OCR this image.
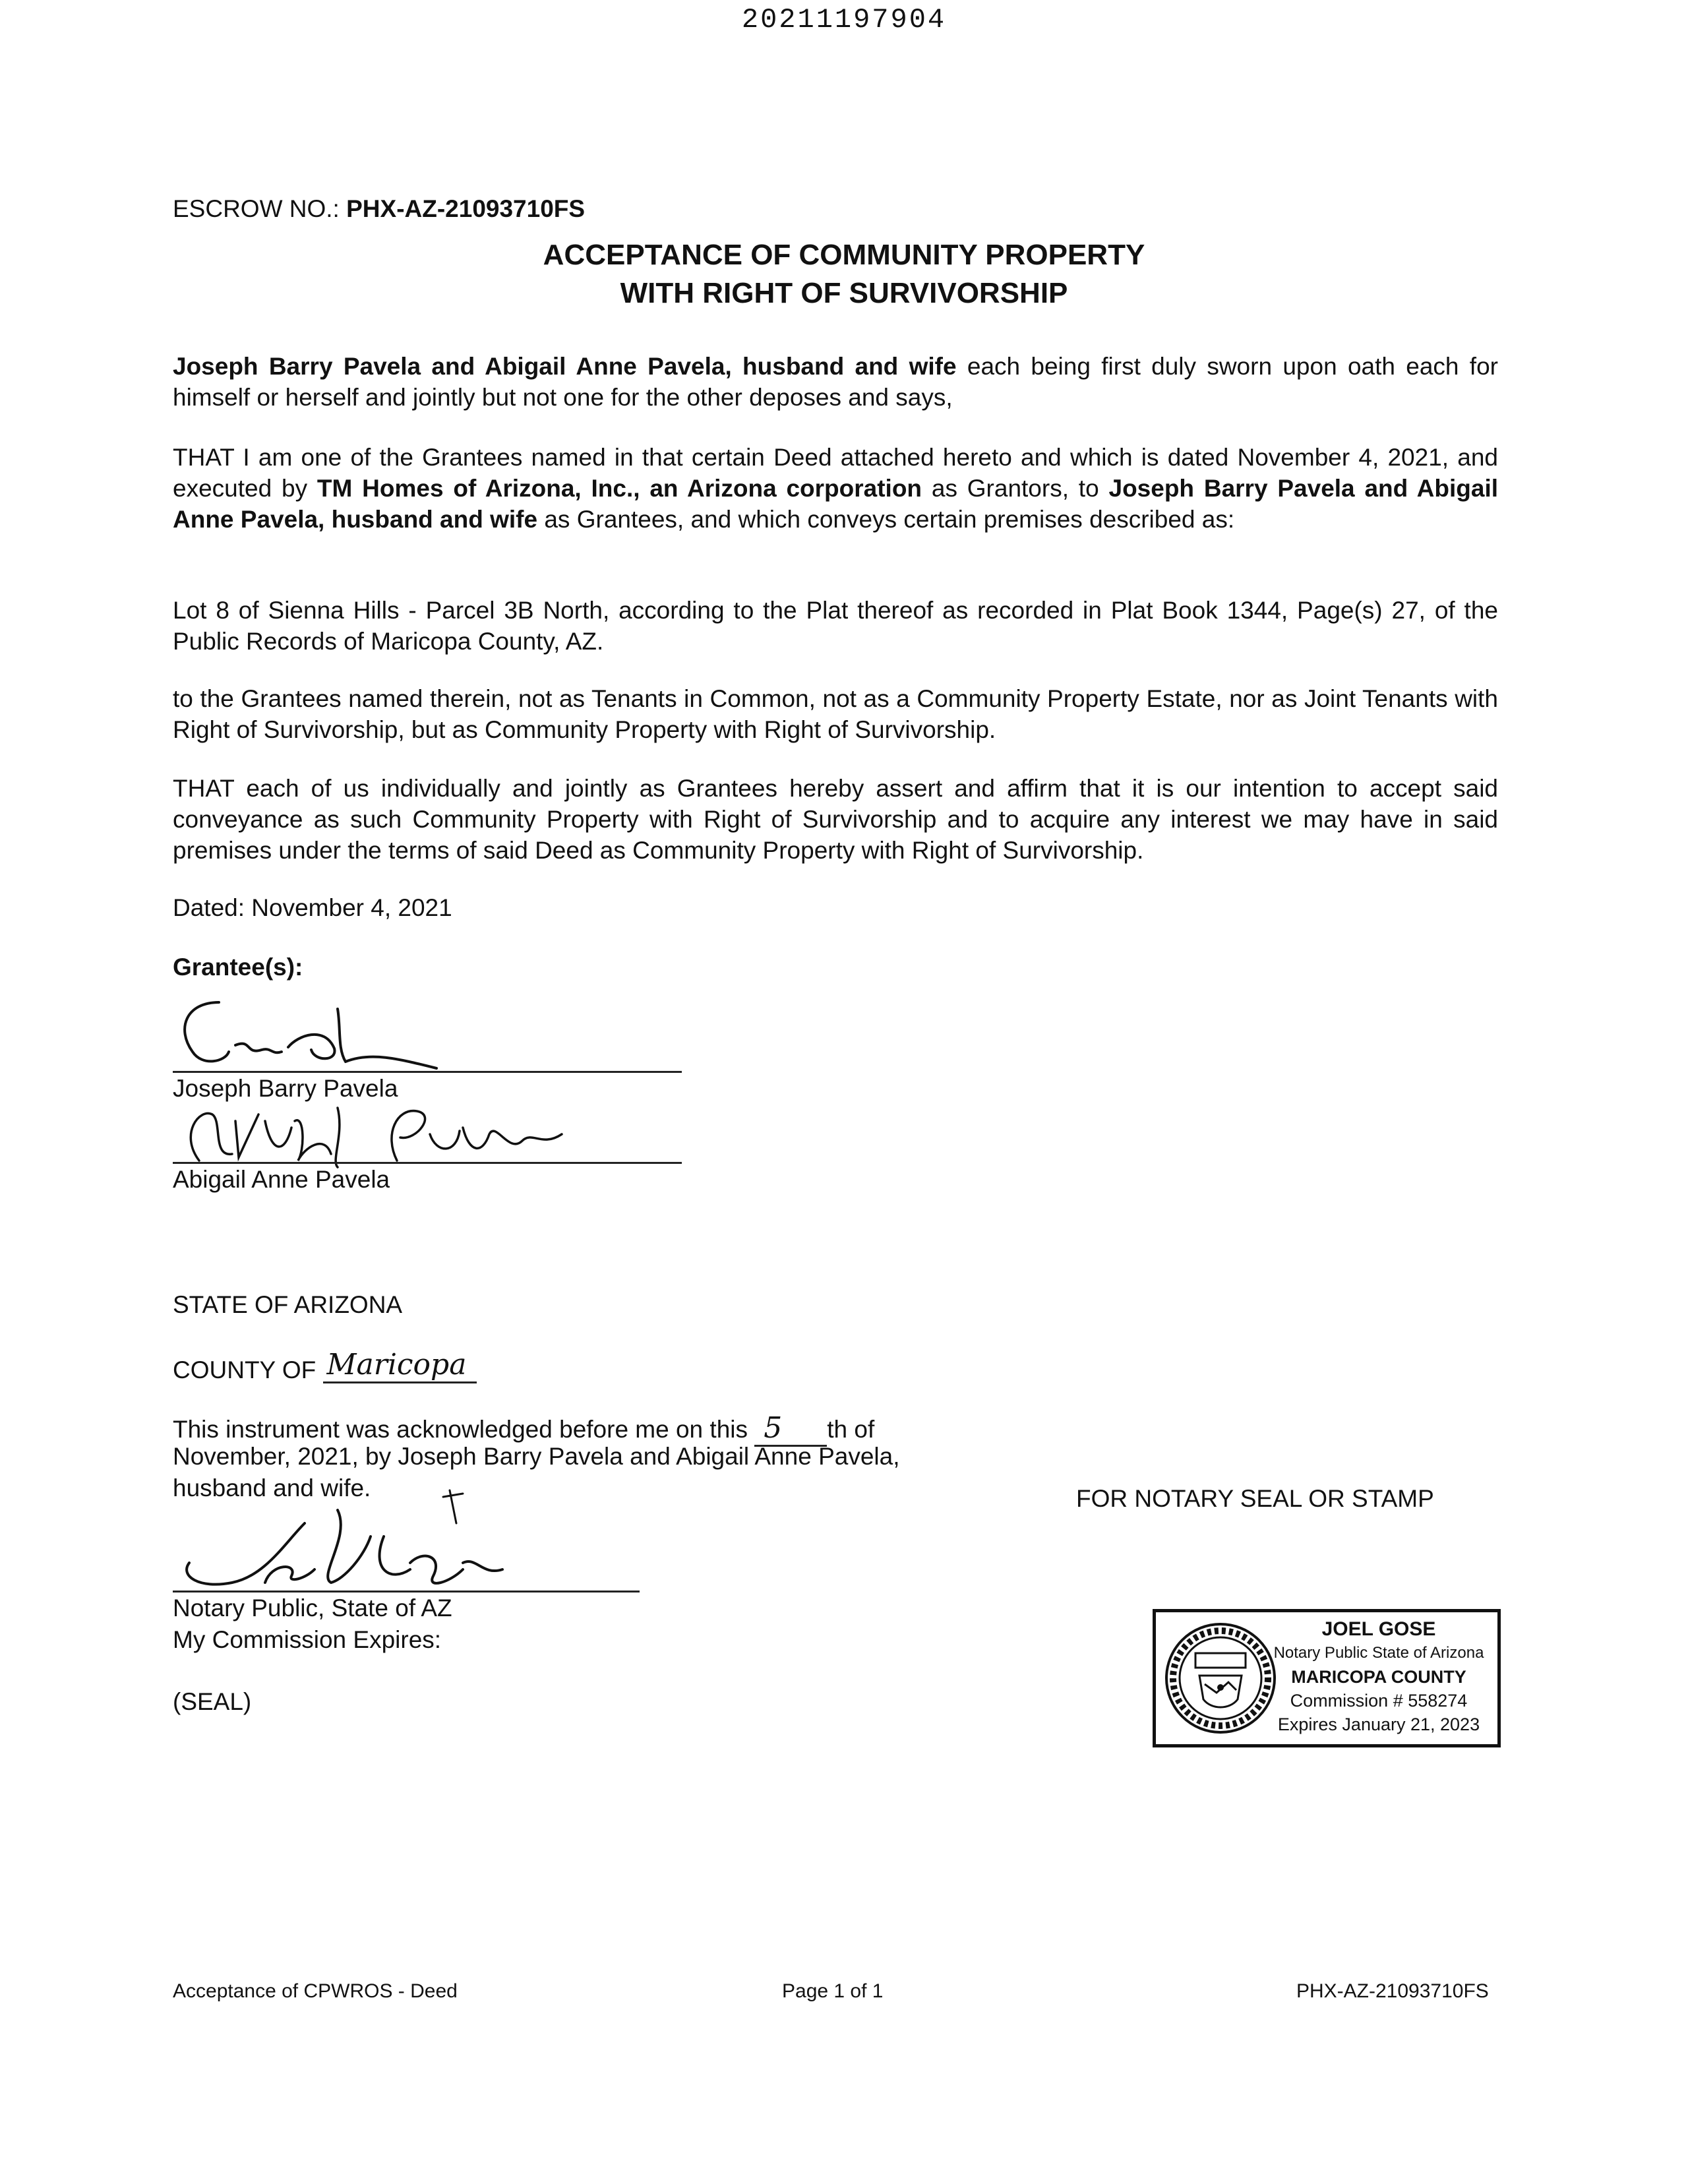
20211197904
ESCROW NO.: PHX-AZ-21093710FS
ACCEPTANCE OF COMMUNITY PROPERTY
WITH RIGHT OF SURVIVORSHIP
Joseph Barry Pavela and Abigail Anne Pavela, husband and wife each being first duly sworn upon oath each for himself or herself and jointly but not one for the other deposes and says,
THAT I am one of the Grantees named in that certain Deed attached hereto and which is dated November 4, 2021, and executed by TM Homes of Arizona, Inc., an Arizona corporation as Grantors, to Joseph Barry Pavela and Abigail Anne Pavela, husband and wife as Grantees, and which conveys certain premises described as:
Lot 8 of Sienna Hills - Parcel 3B North, according to the Plat thereof as recorded in Plat Book 1344, Page(s) 27, of the Public Records of Maricopa County, AZ.
to the Grantees named therein, not as Tenants in Common, not as a Community Property Estate, nor as Joint Tenants with Right of Survivorship, but as Community Property with Right of Survivorship.
THAT each of us individually and jointly as Grantees hereby assert and affirm that it is our intention to accept said conveyance as such Community Property with Right of Survivorship and to acquire any interest we may have in said premises under the terms of said Deed as Community Property with Right of Survivorship.
Dated: November 4, 2021
Grantee(s):
Joseph Barry Pavela
Abigail Anne Pavela
STATE OF ARIZONA
COUNTY OF Maricopa
This instrument was acknowledged before me on this 5 th of
November, 2021, by Joseph Barry Pavela and Abigail Anne Pavela,
husband and wife.	FOR NOTARY SEAL OR STAMP
Notary Public, State of AZ
My Commission Expires:
(SEAL)
JOEL GOSE
Notary Public State of Arizona
MARICOPA COUNTY
Commission # 558274
Expires January 21, 2023
Acceptance of CPWROS - Deed	Page 1 of 1	PHX-AZ-21093710FS
